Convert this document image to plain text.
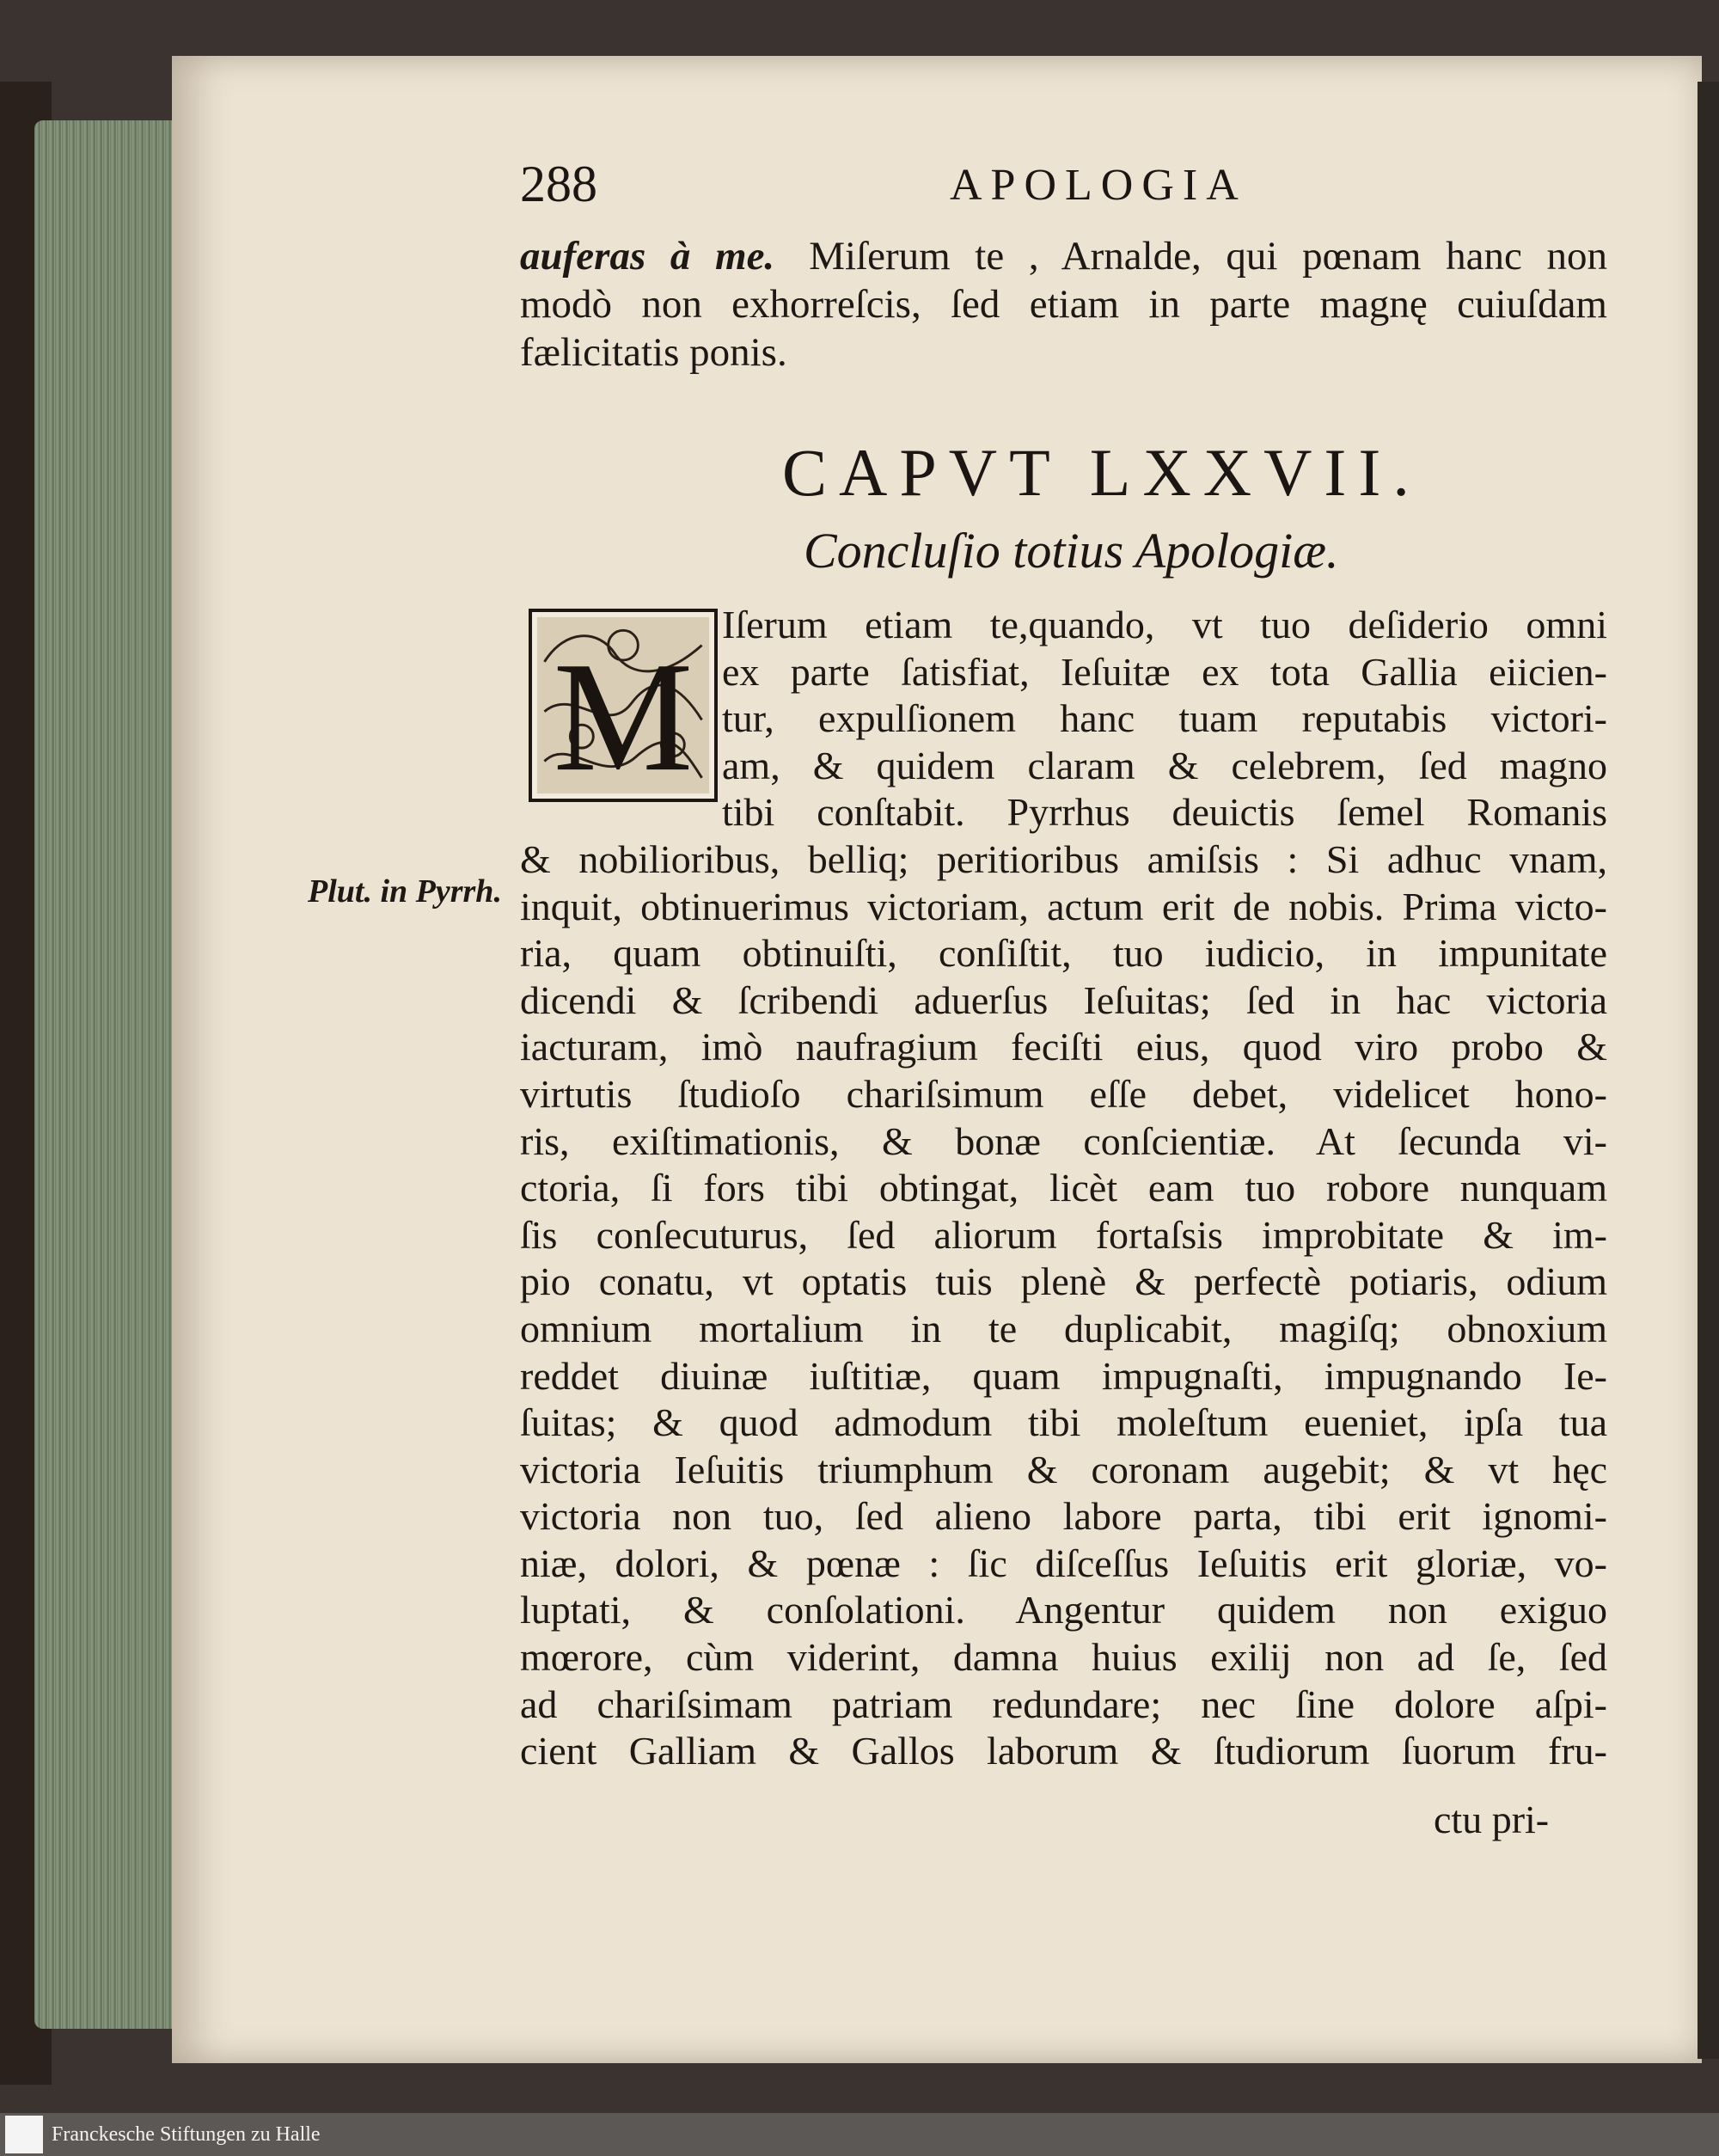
288	APOLOGIA
auferas à me. Miſerum te , Arnalde, qui pœnam hanc non
modò non exhorreſcis, ſed etiam in parte magnę cuiuſdam
fælicitatis ponis.
CAPVT LXXVII.
Concluſio totius Apologiæ.
M
Iſerum etiam te,quando, vt tuo deſiderio omni
ex parte ſatisfiat, Ieſuitæ ex tota Gallia eiicien-
tur, expulſionem hanc tuam reputabis victori-
am, & quidem claram & celebrem, ſed magno
tibi conſtabit. Pyrrhus deuictis ſemel Romanis
& nobilioribus, belliq; peritioribus amiſsis : Si adhuc vnam,
inquit, obtinuerimus victoriam, actum erit de nobis. Prima victo-
ria, quam obtinuiſti, conſiſtit, tuo iudicio, in impunitate
dicendi & ſcribendi aduerſus Ieſuitas; ſed in hac victoria
iacturam, imò naufragium feciſti eius, quod viro probo &
virtutis ſtudioſo chariſsimum eſſe debet, videlicet hono-
ris, exiſtimationis, & bonæ conſcientiæ. At ſecunda vi-
ctoria, ſi fors tibi obtingat, licèt eam tuo robore nunquam
ſis conſecuturus, ſed aliorum fortaſsis improbitate & im-
pio conatu, vt optatis tuis plenè & perfectè potiaris, odium
omnium mortalium in te duplicabit, magiſq; obnoxium
reddet diuinæ iuſtitiæ, quam impugnaſti, impugnando Ie-
ſuitas; & quod admodum tibi moleſtum eueniet, ipſa tua
victoria Ieſuitis triumphum & coronam augebit; & vt hęc
victoria non tuo, ſed alieno labore parta, tibi erit ignomi-
niæ, dolori, & pœnæ : ſic diſceſſus Ieſuitis erit gloriæ, vo-
luptati, & conſolationi. Angentur quidem non exiguo
mœrore, cùm viderint, damna huius exilij non ad ſe, ſed
ad chariſsimam patriam redundare; nec ſine dolore aſpi-
cient Galliam & Gallos laborum & ſtudiorum ſuorum fru-
Plut. in Pyrrh.
ctu pri-
Franckesche Stiftungen zu Halle
